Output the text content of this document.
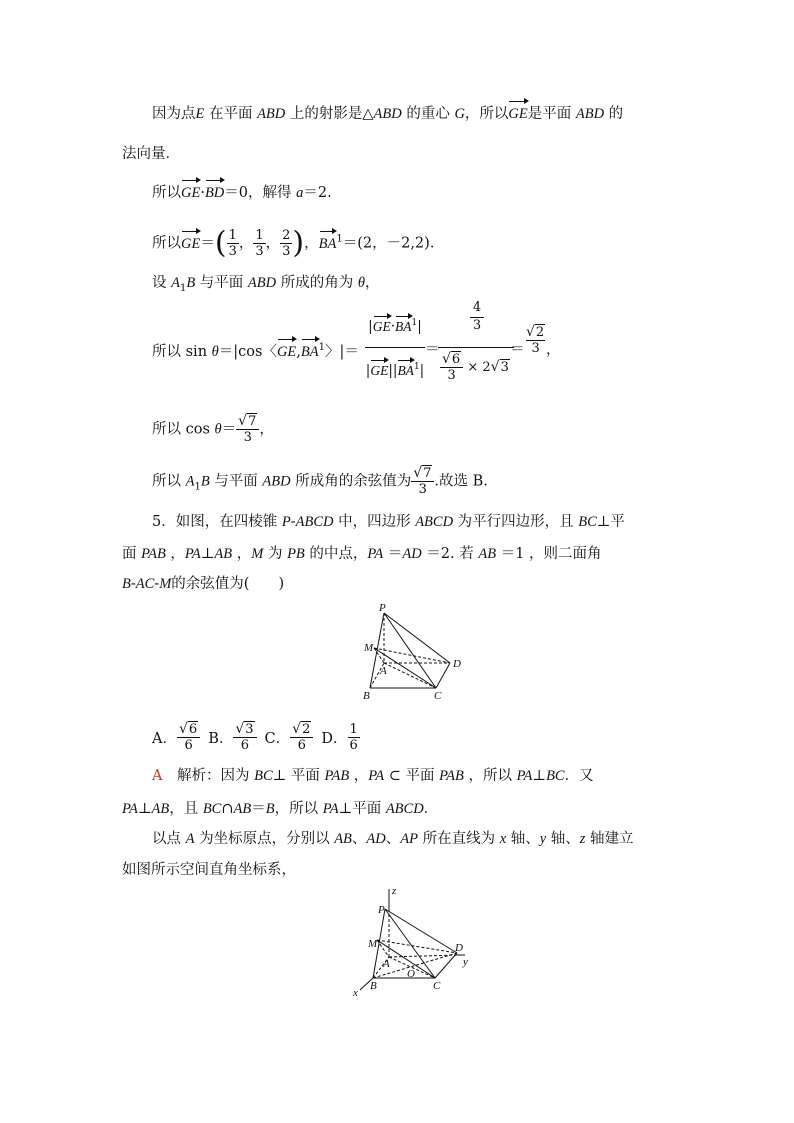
因为点E 在平面 ABD 上的射影是△ABD 的重心 G，所以GE是平面 ABD 的
法向量．
所以GE·BD＝0，解得 a＝2.
所以$GE=( \frac{1}{3}$ ， $\frac{1}{3}$ ， $\frac{2}{3}$ )，$BA^1=(2$，－2,2)．
设 $A_1B$ 与平面 ABD 所成的角为 θ，
所以 sin θ＝|cos〈$GE,BA^1$〉|＝
$|GE\cdot BA^1|$
$|GE||BA^1|$
＝
4
3
$\frac{√6}{3} \times 2√3$
＝
√2
3 ，
所以 $\cos \theta= \frac{√7}{3}$ ，
所以 $A_1B$ 与平面 ABD 所成角的余弦值为 $\frac{√7}{3}$ .故选 B.
5．如图，在四棱锥 P-ABCD 中，四边形 ABCD 为平行四边形，且 BC⊥平
面 PAB ，PA⊥AB ，M 为 PB 的中点，PA ＝AD ＝2. 若 AB ＝1 ，则二面角
B-AC-M的余弦值为(　　)
P
M
A
D
B	C
A． $\frac{√6}{6}$ B． $\frac{√3}{6}$ C． $\frac{√2}{6}$ D． $\frac{1}{6}$
A　解析：因为 BC⊥ 平面 PAB ，PA ⊂ 平面 PAB ，所以 PA⊥BC．又
PA⊥AB，且 BC∩AB＝B，所以 PA⊥平面 ABCD．
以点 A 为坐标原点，分别以 AB、AD、AP 所在直线为 x 轴、y 轴、z 轴建立
如图所示空间直角坐标系，
z
P
M
A
O
D
y
x
B	C
